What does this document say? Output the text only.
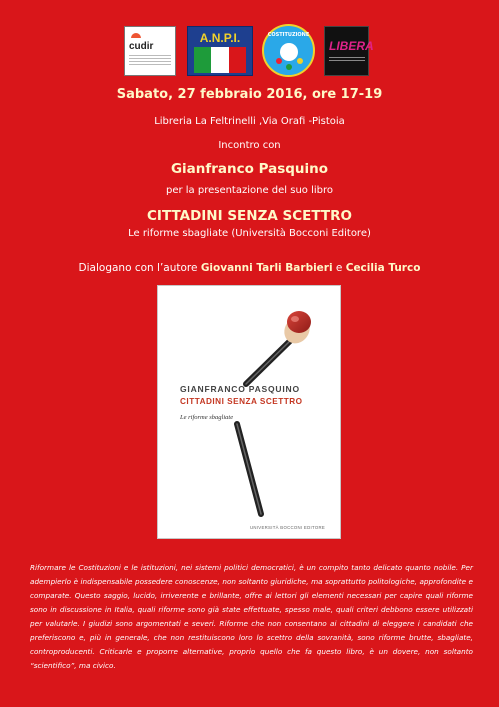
cudir
A.N.P.I.	COSTITUZIONE
LIBERA
Sabato, 27 febbraio 2016, ore 17-19
Libreria La Feltrinelli ,Via Orafi -Pistoia
Incontro con
Gianfranco Pasquino
per la presentazione del suo libro
CITTADINI SENZA SCETTRO
Le riforme sbagliate (Università Bocconi Editore)
Dialogano con l’autore Giovanni Tarli Barbieri e Cecilia Turco
GIANFRANCO PASQUINO
CITTADINI SENZA SCETTRO
Le riforme sbagliate
UNIVERSITÀ BOCCONI EDITORE
Riformare le Costituzioni e le istituzioni, nei sistemi politici democratici, è un compito tanto delicato quanto nobile. Per adempierlo è indispensabile possedere conoscenze, non soltanto giuridiche, ma soprattutto politologiche, approfondite e comparate. Questo saggio, lucido, irriverente e brillante, offre ai lettori gli elementi necessari per capire quali riforme sono in discussione in Italia, quali riforme sono già state effettuate, spesso male, quali criteri debbono essere utilizzati per valutarle. I giudizi sono argomentati e severi. Riforme che non consentano ai cittadini di eleggere i candidati che preferiscono e, più in generale, che non restituiscono loro lo scettro della sovranità, sono riforme brutte, sbagliate, controproducenti. Criticarle e proporre alternative, proprio quello che fa questo libro, è un dovere, non soltanto “scientifico”, ma civico.
